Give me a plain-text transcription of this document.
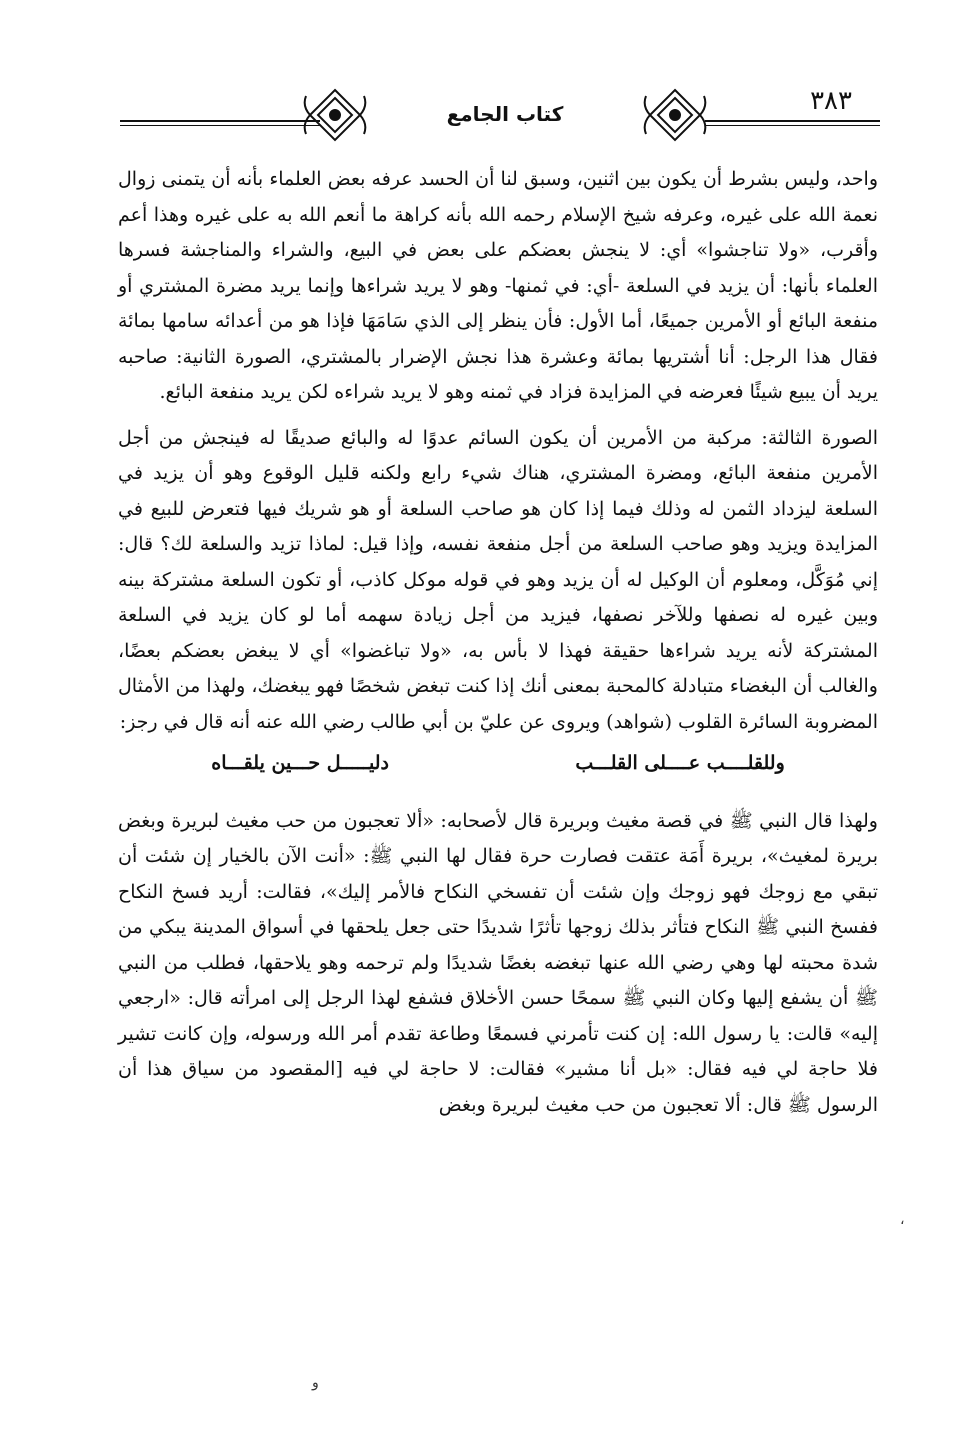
كتاب الجامع	٣٨٣

واحد، وليس بشرط أن يكون بين اثنين، وسبق لنا أن الحسد عرفه بعض العلماء بأنه أن يتمنى زوال نعمة الله على غيره، وعرفه شيخ الإسلام رحمه الله بأنه كراهة ما أنعم الله به على غيره وهذا أعم وأقرب، «ولا تناجشوا» أي: لا ينجش بعضكم على بعض في البيع، والشراء والمناجشة فسرها العلماء بأنها: أن يزيد في السلعة -أي: في ثمنها- وهو لا يريد شراءها وإنما يريد مضرة المشتري أو منفعة البائع أو الأمرين جميعًا، أما الأول: فأن ينظر إلى الذي سَامَهَا فإذا هو من أعدائه سامها بمائة فقال هذا الرجل: أنا أشتريها بمائة وعشرة هذا نجش الإضرار بالمشتري، الصورة الثانية: صاحبه يريد أن يبيع شيئًا فعرضه في المزايدة فزاد في ثمنه وهو لا يريد شراءه لكن يريد منفعة البائع.

الصورة الثالثة: مركبة من الأمرين أن يكون السائم عدوًا له والبائع صديقًا له فينجش من أجل الأمرين منفعة البائع، ومضرة المشتري، هناك شيء رابع ولكنه قليل الوقوع وهو أن يزيد في السلعة ليزداد الثمن له وذلك فيما إذا كان هو صاحب السلعة أو هو شريك فيها فتعرض للبيع في المزايدة ويزيد وهو صاحب السلعة من أجل منفعة نفسه، وإذا قيل: لماذا تزيد والسلعة لك؟ قال: إني مُوَكَّل، ومعلوم أن الوكيل له أن يزيد وهو في قوله موكل كاذب، أو تكون السلعة مشتركة بينه وبين غيره له نصفها وللآخر نصفها، فيزيد من أجل زيادة سهمه أما لو كان يزيد في السلعة المشتركة لأنه يريد شراءها حقيقة فهذا لا بأس به، «ولا تباغضوا» أي لا يبغض بعضكم بعضًا، والغالب أن البغضاء متبادلة كالمحبة بمعنى أنك إذا كنت تبغض شخصًا فهو يبغضك، ولهذا من الأمثال المضروبة السائرة القلوب (شواهد) ويروى عن عليّ بن أبي طالب رضي الله عنه أنه قال في رجز:

وللقلــــب عــــلى القلـــب
دليـــــل حـــين يلقـــاه

ولهذا قال النبي ﷺ في قصة مغيث وبريرة قال لأصحابه: «ألا تعجبون من حب مغيث لبريرة وبغض بريرة لمغيث»، بريرة أَمَة عتقت فصارت حرة فقال لها النبي ﷺ: «أنت الآن بالخيار إن شئت أن تبقي مع زوجك فهو زوجك وإن شئت أن تفسخي النكاح فالأمر إليك»، فقالت: أريد فسخ النكاح ففسخ النبي ﷺ النكاح فتأثر بذلك زوجها تأثرًا شديدًا حتى جعل يلحقها في أسواق المدينة يبكي من شدة محبته لها وهي رضي الله عنها تبغضه بغضًا شديدًا ولم ترحمه وهو يلاحقها، فطلب من النبي ﷺ أن يشفع إليها وكان النبي ﷺ سمحًا حسن الأخلاق فشفع لهذا الرجل إلى امرأته قال: «ارجعي إليه» قالت: يا رسول الله: إن كنت تأمرني فسمعًا وطاعة تقدم أمر الله ورسوله، وإن كانت تشير فلا حاجة لي فيه فقال: «بل أنا مشير» فقالت: لا حاجة لي فيه [المقصود من سياق هذا أن الرسول ﷺ قال: ألا تعجبون من حب مغيث لبريرة وبغض

،
ﻭ
